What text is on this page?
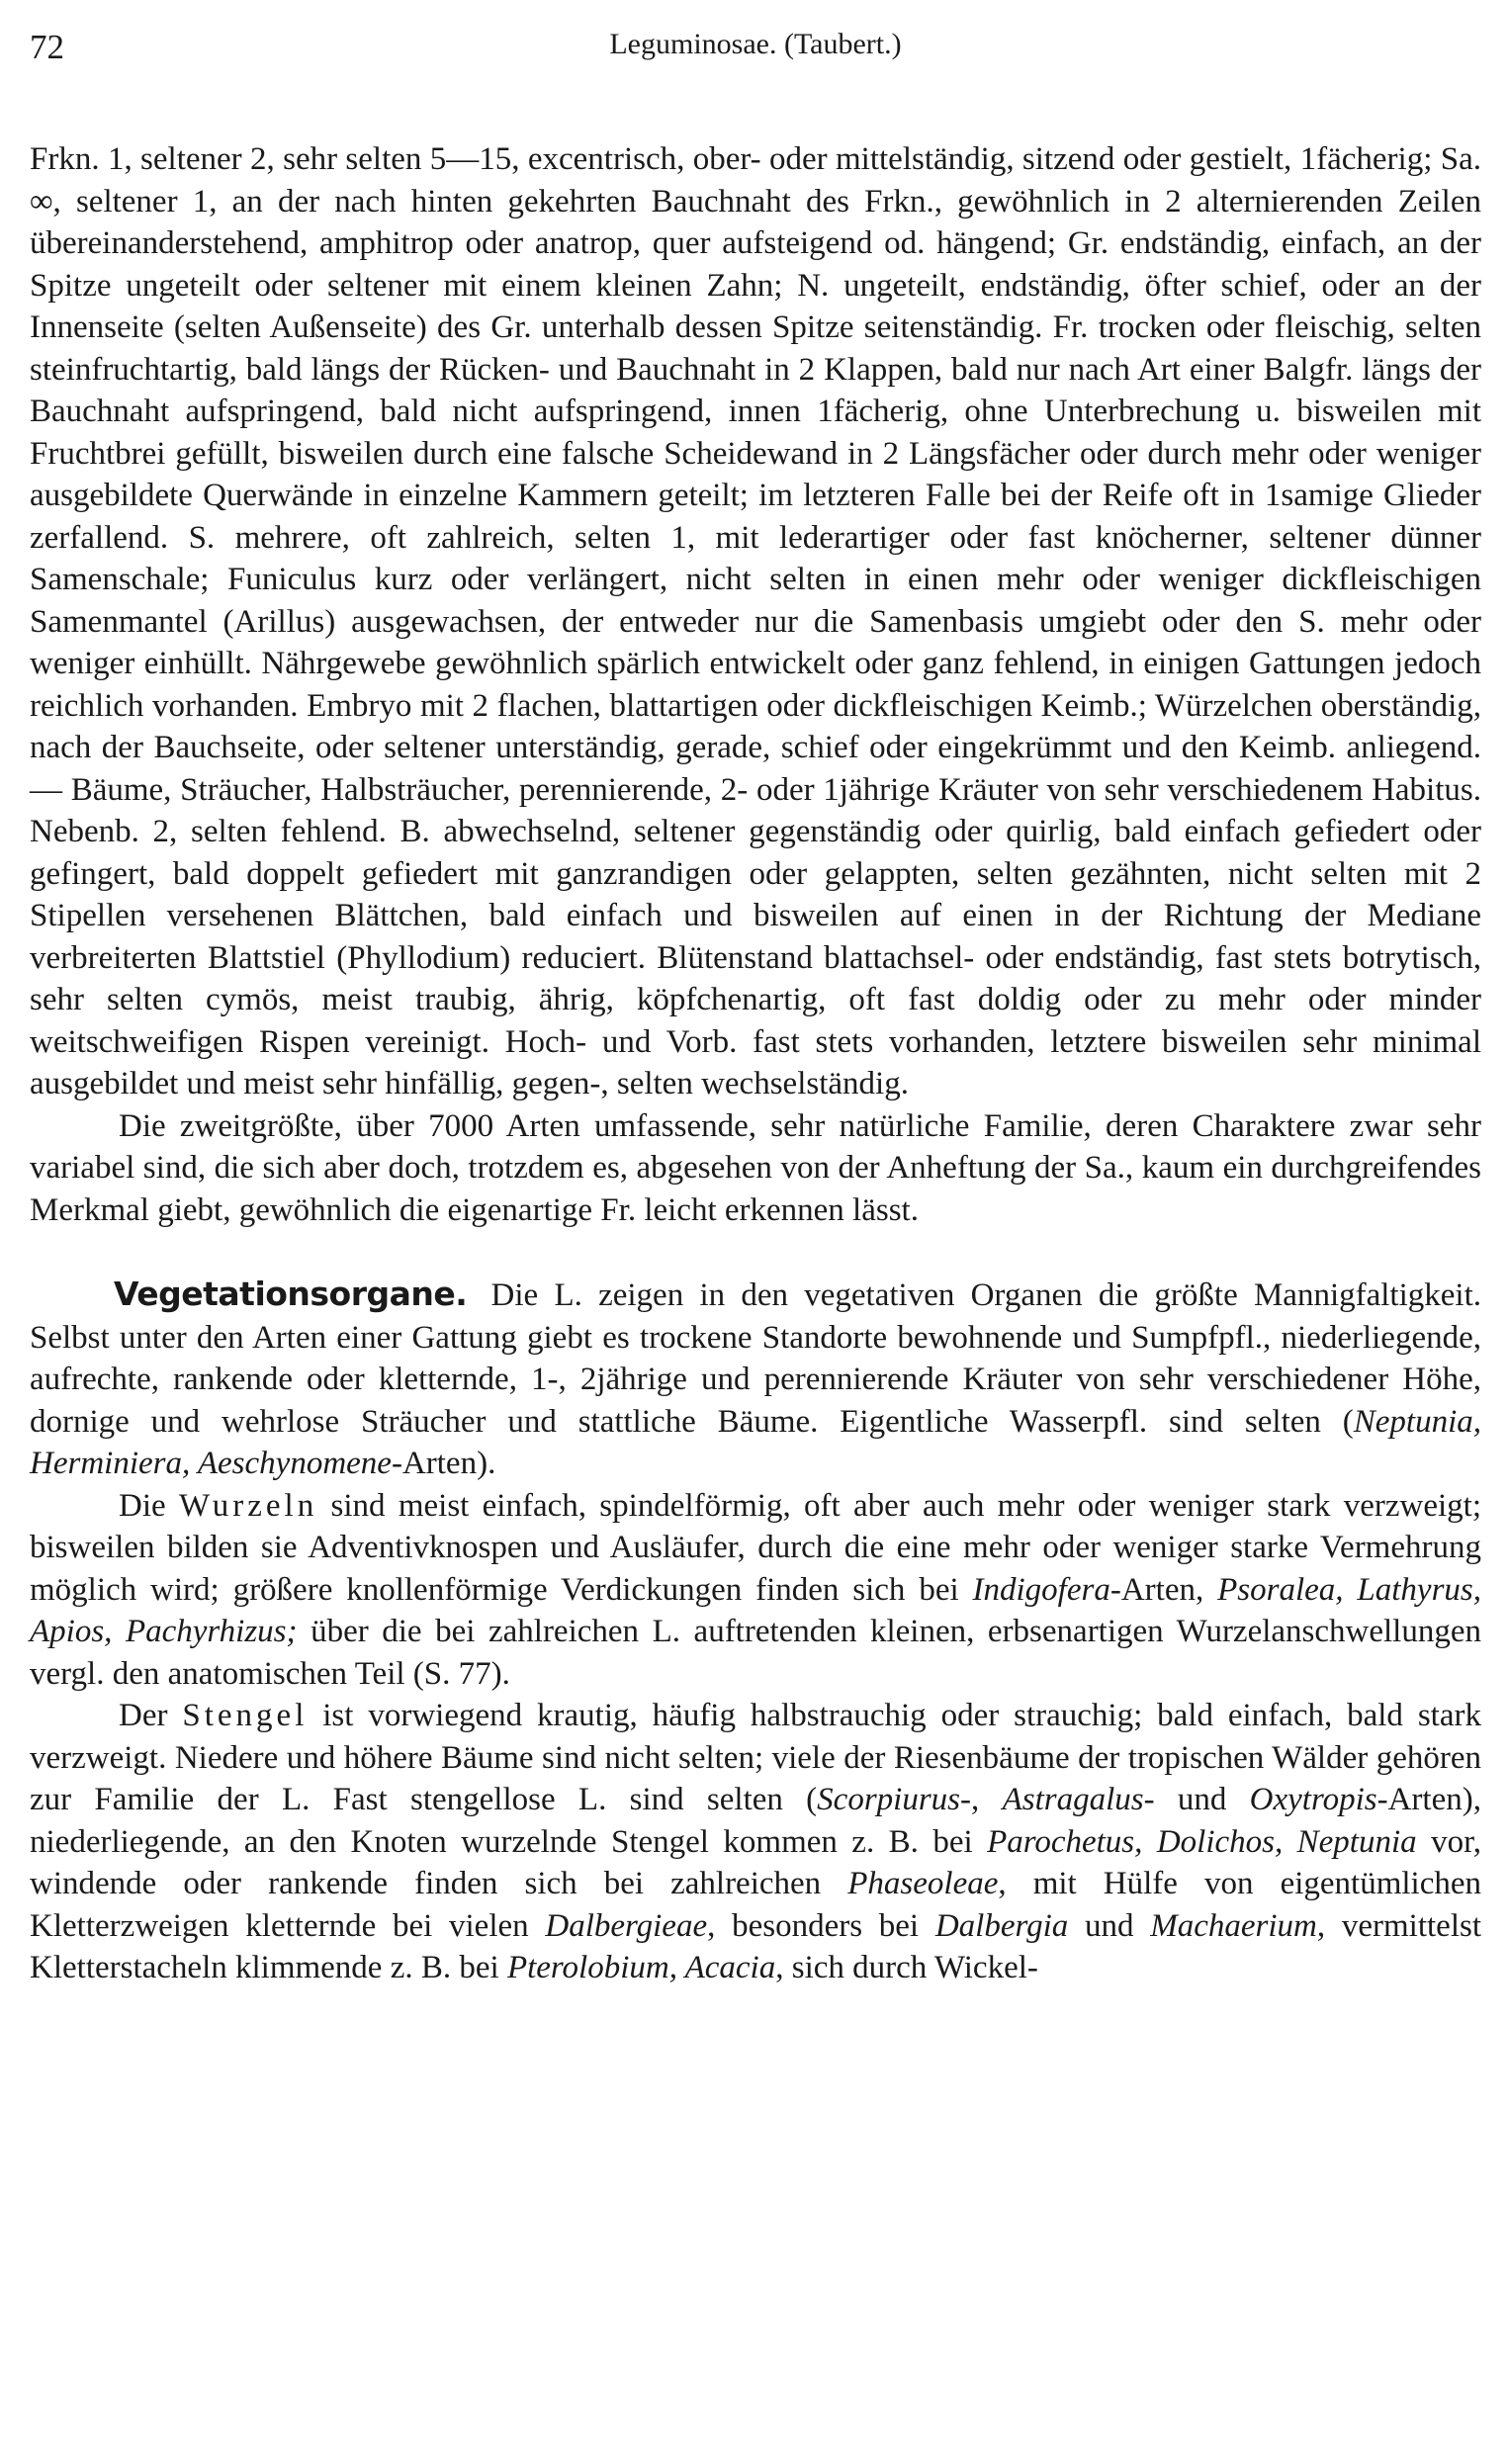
72	Leguminosae. (Taubert.)

Frkn. 1, seltener 2, sehr selten 5—15, excentrisch, ober- oder mittelständig, sitzend oder gestielt, 1fächerig; Sa. ∞, seltener 1, an der nach hinten gekehrten Bauchnaht des Frkn., gewöhnlich in 2 alternierenden Zeilen übereinanderstehend, amphitrop oder anatrop, quer aufsteigend od. hängend; Gr. endständig, einfach, an der Spitze ungeteilt oder seltener mit einem kleinen Zahn; N. ungeteilt, endständig, öfter schief, oder an der Innenseite (selten Außenseite) des Gr. unterhalb dessen Spitze seitenständig. Fr. trocken oder fleischig, selten steinfruchtartig, bald längs der Rücken- und Bauchnaht in 2 Klappen, bald nur nach Art einer Balgfr. längs der Bauchnaht aufspringend, bald nicht aufspringend, innen 1fächerig, ohne Unterbrechung u. bisweilen mit Fruchtbrei gefüllt, bisweilen durch eine falsche Scheidewand in 2 Längsfächer oder durch mehr oder weniger ausgebildete Querwände in einzelne Kammern geteilt; im letzteren Falle bei der Reife oft in 1samige Glieder zerfallend. S. mehrere, oft zahlreich, selten 1, mit lederartiger oder fast knöcherner, seltener dünner Samenschale; Funiculus kurz oder verlängert, nicht selten in einen mehr oder weniger dickfleischigen Samenmantel (Arillus) ausgewachsen, der entweder nur die Samenbasis umgiebt oder den S. mehr oder weniger einhüllt. Nährgewebe gewöhnlich spärlich entwickelt oder ganz fehlend, in einigen Gattungen jedoch reichlich vorhanden. Embryo mit 2 flachen, blattartigen oder dickfleischigen Keimb.; Würzelchen oberständig, nach der Bauchseite, oder seltener unterständig, gerade, schief oder eingekrümmt und den Keimb. anliegend. — Bäume, Sträucher, Halbsträucher, perennierende, 2- oder 1jährige Kräuter von sehr verschiedenem Habitus. Nebenb. 2, selten fehlend. B. abwechselnd, seltener gegenständig oder quirlig, bald einfach gefiedert oder gefingert, bald doppelt gefiedert mit ganzrandigen oder gelappten, selten gezähnten, nicht selten mit 2 Stipellen versehenen Blättchen, bald einfach und bisweilen auf einen in der Richtung der Mediane verbreiterten Blattstiel (Phyllodium) reduciert. Blütenstand blattachsel- oder endständig, fast stets botrytisch, sehr selten cymös, meist traubig, ährig, köpfchenartig, oft fast doldig oder zu mehr oder minder weitschweifigen Rispen vereinigt. Hoch- und Vorb. fast stets vorhanden, letztere bisweilen sehr minimal ausgebildet und meist sehr hinfällig, gegen-, selten wechselständig.

Die zweitgrößte, über 7000 Arten umfassende, sehr natürliche Familie, deren Charaktere zwar sehr variabel sind, die sich aber doch, trotzdem es, abgesehen von der Anheftung der Sa., kaum ein durchgreifendes Merkmal giebt, gewöhnlich die eigenartige Fr. leicht erkennen lässt.

Vegetationsorgane. Die L. zeigen in den vegetativen Organen die größte Mannigfaltigkeit. Selbst unter den Arten einer Gattung giebt es trockene Standorte bewohnende und Sumpfpfl., niederliegende, aufrechte, rankende oder kletternde, 1-, 2jährige und perennierende Kräuter von sehr verschiedener Höhe, dornige und wehrlose Sträucher und stattliche Bäume. Eigentliche Wasserpfl. sind selten (Neptunia, Herminiera, Aeschynomene-Arten).

Die Wurzeln sind meist einfach, spindelförmig, oft aber auch mehr oder weniger stark verzweigt; bisweilen bilden sie Adventivknospen und Ausläufer, durch die eine mehr oder weniger starke Vermehrung möglich wird; größere knollenförmige Verdickungen finden sich bei Indigofera-Arten, Psoralea, Lathyrus, Apios, Pachyrhizus; über die bei zahlreichen L. auftretenden kleinen, erbsenartigen Wurzelanschwellungen vergl. den anatomischen Teil (S. 77).

Der Stengel ist vorwiegend krautig, häufig halbstrauchig oder strauchig; bald einfach, bald stark verzweigt. Niedere und höhere Bäume sind nicht selten; viele der Riesenbäume der tropischen Wälder gehören zur Familie der L. Fast stengellose L. sind selten (Scorpiurus-, Astragalus- und Oxytropis-Arten), niederliegende, an den Knoten wurzelnde Stengel kommen z. B. bei Parochetus, Dolichos, Neptunia vor, windende oder rankende finden sich bei zahlreichen Phaseoleae, mit Hülfe von eigentümlichen Kletterzweigen kletternde bei vielen Dalbergieae, besonders bei Dalbergia und Machaerium, vermittelst Kletterstacheln klimmende z. B. bei Pterolobium, Acacia, sich durch Wickel-
